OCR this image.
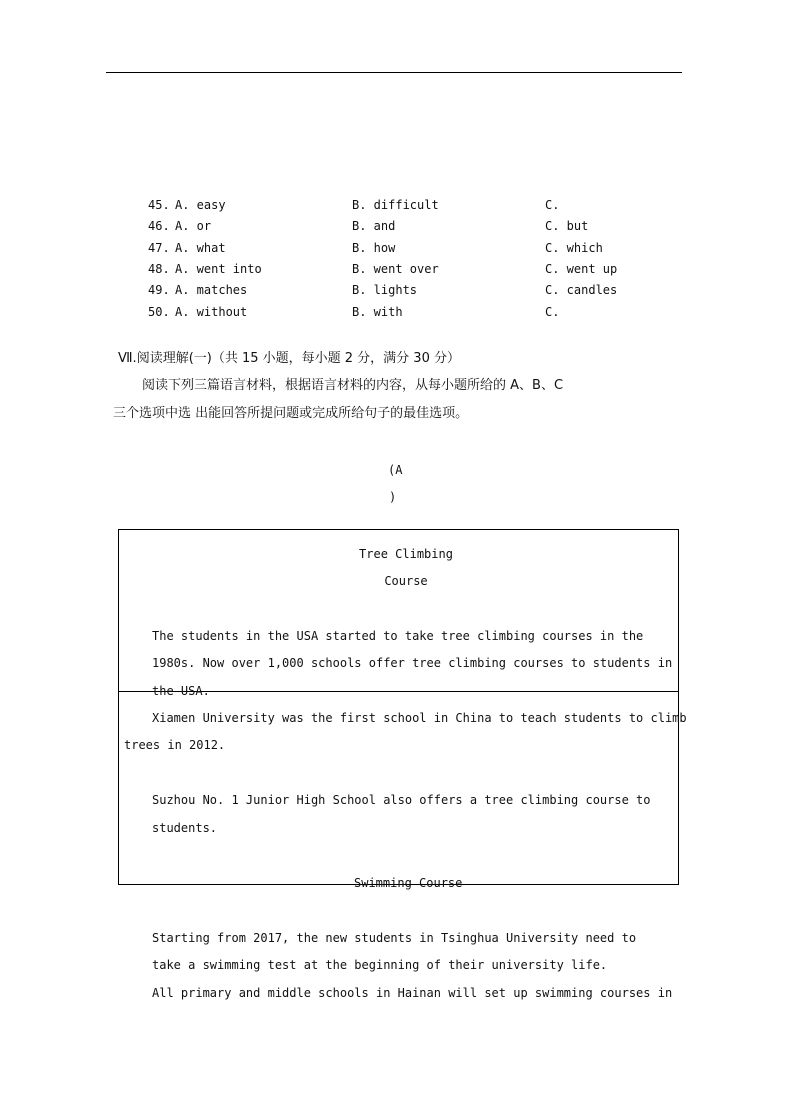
45. A. easy	B. difficult	C.
46. A. or	B. and	C. but
47. A. what	B. how	C. which
48. A. went into	B. went over	C. went up
49. A. matches	B. lights	C. candles
50. A. without	B. with	C.
Ⅶ.阅读理解(一)（共 15 小题，每小题 2 分，满分 30 分）
阅读下列三篇语言材料，根据语言材料的内容，从每小题所给的 A、B、C
三个选项中选 出能回答所提问题或完成所给句子的最佳选项。
(A
)
Tree Climbing
Course
The students in the USA started to take tree climbing courses in the
1980s. Now over 1,000 schools offer tree climbing courses to students in
the USA.
Xiamen University was the first school in China to teach students to climb
trees in 2012.
Suzhou No. 1 Junior High School also offers a tree climbing course to
students.
Swimming Course
Starting from 2017, the new students in Tsinghua University need to
take a swimming test at the beginning of their university life.
All primary and middle schools in Hainan will set up swimming courses in
